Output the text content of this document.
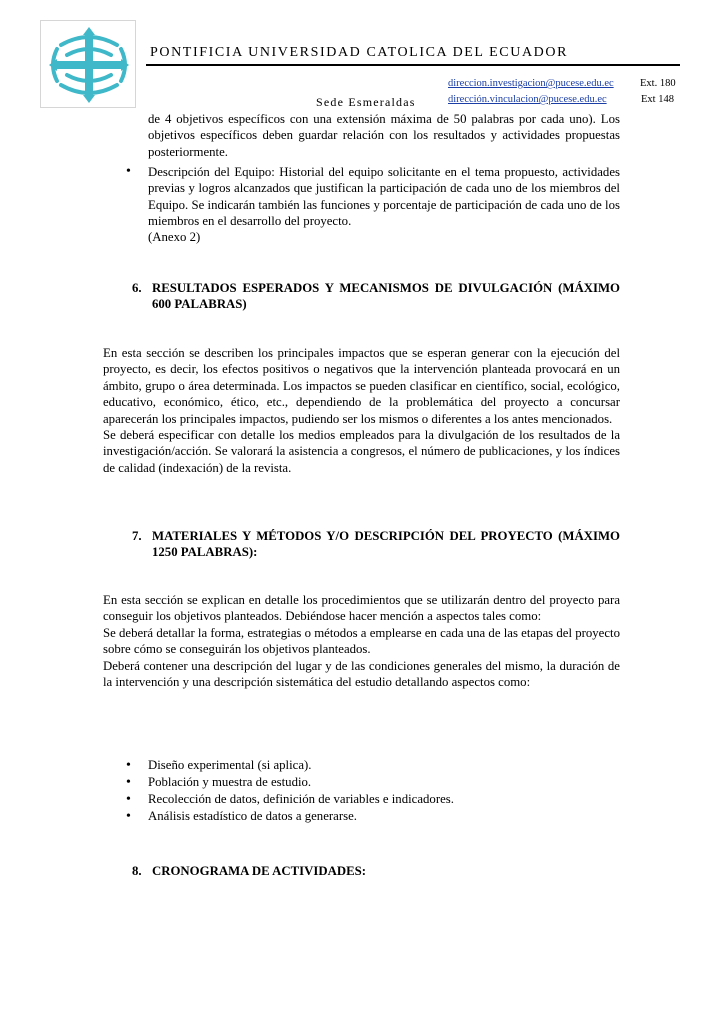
PONTIFICIA UNIVERSIDAD CATOLICA DEL ECUADOR
direccion.investigacion@pucese.edu.ec	Ext. 180
Sede Esmeraldas	dirección.vinculacion@pucese.edu.ec	Ext 148
de 4 objetivos específicos con una extensión máxima de 50 palabras por cada uno). Los objetivos específicos deben guardar relación con los resultados y actividades propuestas posteriormente.
• Descripción del Equipo: Historial del equipo solicitante en el tema propuesto, actividades previas y logros alcanzados que justifican la participación de cada uno de los miembros del Equipo. Se indicarán también las funciones y porcentaje de participación de cada uno de los miembros en el desarrollo del proyecto.
(Anexo 2)
6. RESULTADOS ESPERADOS Y MECANISMOS DE DIVULGACIÓN (MÁXIMO 600 PALABRAS)

En esta sección se describen los principales impactos que se esperan generar con la ejecución del proyecto, es decir, los efectos positivos o negativos que la intervención planteada provocará en un ámbito, grupo o área determinada. Los impactos se pueden clasificar en científico, social, ecológico, educativo, económico, ético, etc., dependiendo de la problemática del proyecto a concursar aparecerán los principales impactos, pudiendo ser los mismos o diferentes a los antes mencionados.

Se deberá especificar con detalle los medios empleados para la divulgación de los resultados de la investigación/acción. Se valorará la asistencia a congresos, el número de publicaciones, y los índices de calidad (indexación) de la revista.

7. MATERIALES Y MÉTODOS Y/O DESCRIPCIÓN DEL PROYECTO (MÁXIMO 1250 PALABRAS):

En esta sección se explican en detalle los procedimientos que se utilizarán dentro del proyecto para conseguir los objetivos planteados. Debiéndose hacer mención a aspectos tales como:

Se deberá detallar la forma, estrategias o métodos a emplearse en cada una de las etapas del proyecto sobre cómo se conseguirán los objetivos planteados.

Deberá contener una descripción del lugar y de las condiciones generales del mismo, la duración de la intervención y una descripción sistemática del estudio detallando aspectos como:

• Diseño experimental (si aplica).
• Población y muestra de estudio.
• Recolección de datos, definición de variables e indicadores.
• Análisis estadístico de datos a generarse.
8. CRONOGRAMA DE ACTIVIDADES:
